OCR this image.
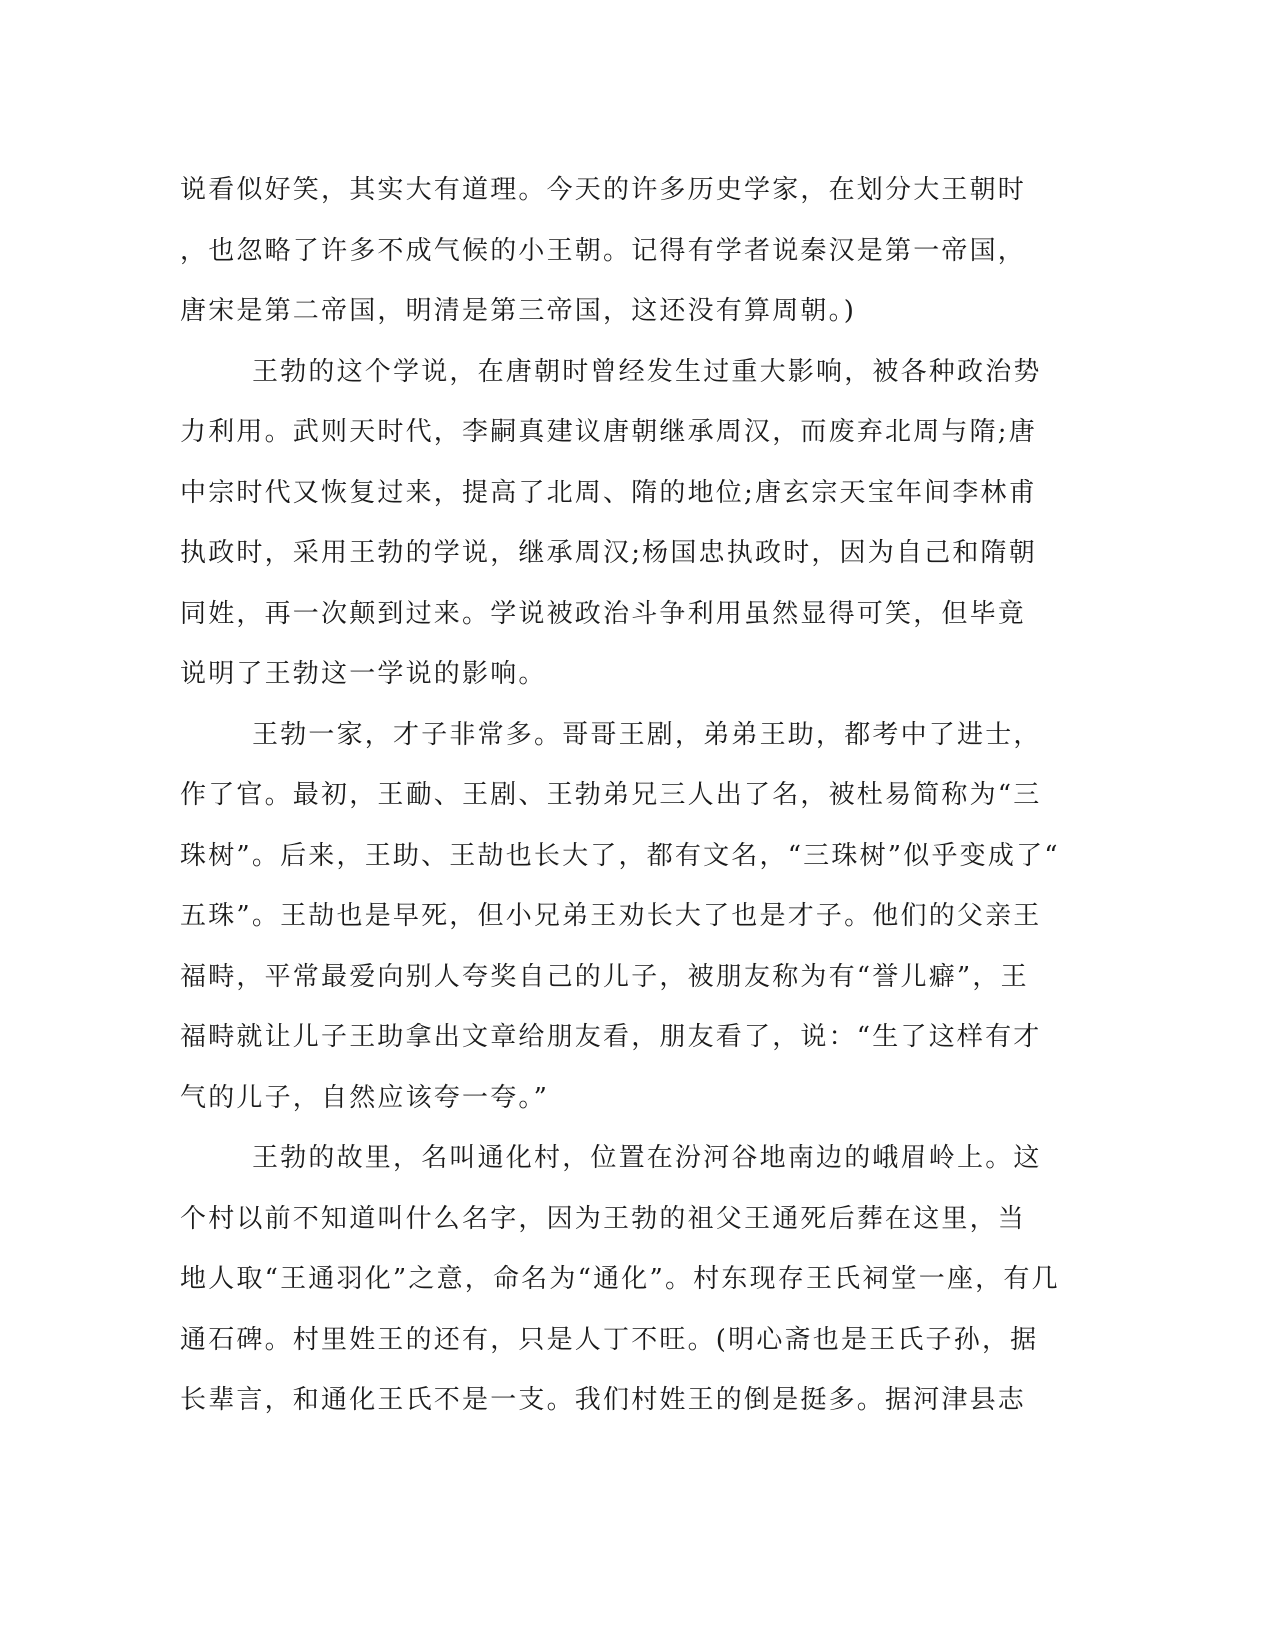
说看似好笑，其实大有道理。今天的许多历史学家，在划分大王朝时
，也忽略了许多不成气候的小王朝。记得有学者说秦汉是第一帝国，
唐宋是第二帝国，明清是第三帝国，这还没有算周朝。)
王勃的这个学说，在唐朝时曾经发生过重大影响，被各种政治势
力利用。武则天时代，李嗣真建议唐朝继承周汉，而废弃北周与隋;唐
中宗时代又恢复过来，提高了北周、隋的地位;唐玄宗天宝年间李林甫
执政时，采用王勃的学说，继承周汉;杨国忠执政时，因为自己和隋朝
同姓，再一次颠到过来。学说被政治斗争利用虽然显得可笑，但毕竟
说明了王勃这一学说的影响。
王勃一家，才子非常多。哥哥王剧，弟弟王助，都考中了进士，
作了官。最初，王勔、王剧、王勃弟兄三人出了名，被杜易简称为“三
珠树”。后来，王助、王劼也长大了，都有文名，“三珠树”似乎变成了“
五珠”。王劼也是早死，但小兄弟王劝长大了也是才子。他们的父亲王
福畤，平常最爱向别人夸奖自己的儿子，被朋友称为有“誉儿癖”，王
福畤就让儿子王助拿出文章给朋友看，朋友看了，说：“生了这样有才
气的儿子，自然应该夸一夸。”
王勃的故里，名叫通化村，位置在汾河谷地南边的峨眉岭上。这
个村以前不知道叫什么名字，因为王勃的祖父王通死后葬在这里，当
地人取“王通羽化”之意，命名为“通化”。村东现存王氏祠堂一座，有几
通石碑。村里姓王的还有，只是人丁不旺。(明心斋也是王氏子孙，据
长辈言，和通化王氏不是一支。我们村姓王的倒是挺多。据河津县志
